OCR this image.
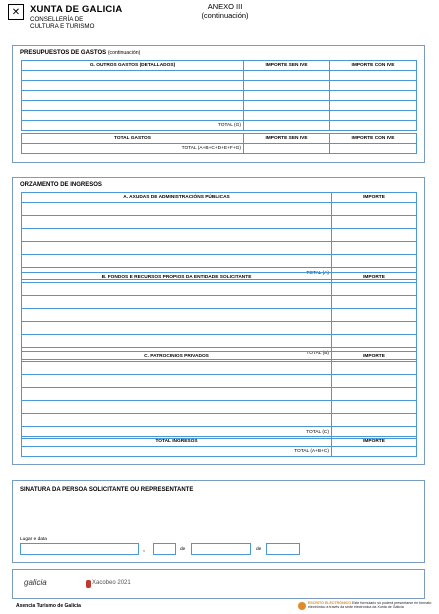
✕	XUNTA DE GALICIA
CONSELLERÍA DE
CULTURA E TURISMO
ANEXO III
(continuación)
PRESUPUESTOS DE GASTOS (continuación)
G. OUTROS GASTOS (DETALLADOS)	IMPORTE SEN IVE	IMPORTE CON IVE

TOTAL (G)		
TOTAL GASTOS	IMPORTE SEN IVE	IMPORTE CON IVE
TOTAL (A+B+C+D+E+F+G)		
ORZAMENTO DE INGRESOS
A. AXUDAS DE ADMINISTRACIÓNS PÚBLICAS	IMPORTE

TOTAL (A)	
B. FONDOS E RECURSOS PROPIOS DA ENTIDADE SOLICITANTE	IMPORTE

TOTAL (B)	
C. PATROCINIOS PRIVADOS	IMPORTE

TOTAL (C)	
TOTAL INGRESOS	IMPORTE
TOTAL (A+B+C)	
SINATURA DA PERSOA SOLICITANTE OU REPRESENTANTE
Lugar e data
,	de	de
galicia	Xacobeo 2021
Axencia Turismo de Galicia	ESCRITO ELECTRÓNICO Este formulario só poderá presentarse en formato electrónico a través da sede electrónica da Xunta de Galicia
